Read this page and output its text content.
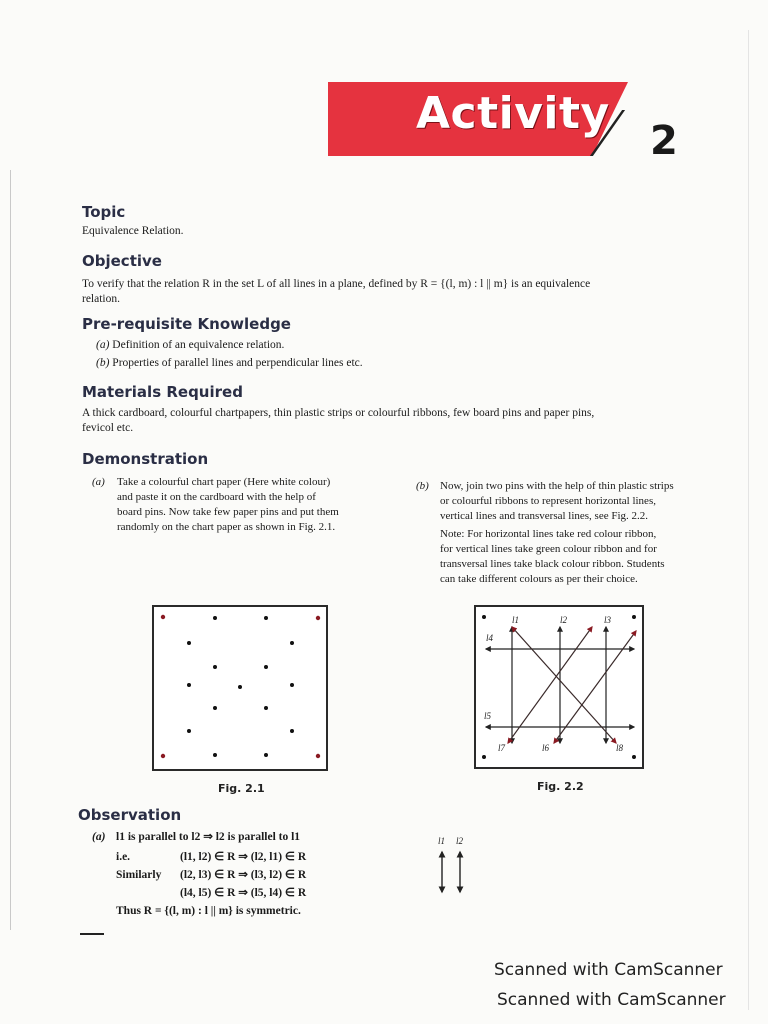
Activity
2
Topic
Equivalence Relation.
Objective
To verify that the relation R in the set L of all lines in a plane, defined by R = {(l, m) : l || m} is an equivalence
relation.
Pre-requisite Knowledge
(a) Definition of an equivalence relation.
(b) Properties of parallel lines and perpendicular lines etc.
Materials Required
A thick cardboard, colourful chartpapers, thin plastic strips or colourful ribbons, few board pins and paper pins,
fevicol etc.
Demonstration
(a) Take a colourful chart paper (Here white colour)
and paste it on the cardboard with the help of
board pins. Now take few paper pins and put them
randomly on the chart paper as shown in Fig. 2.1.
(b) Now, join two pins with the help of thin plastic strips
or colourful ribbons to represent horizontal lines,
vertical lines and transversal lines, see Fig. 2.2.
Note: For horizontal lines take red colour ribbon,
for vertical lines take green colour ribbon and for
transversal lines take black colour ribbon. Students
can take different colours as per their choice.
Fig. 2.1
l1	l2	l3
l4
l5
l6
l7	l8
Fig. 2.2
Observation
(a) l1 is parallel to l2 ⇒ l2 is parallel to l1
i.e.	(l1, l2) ∈ R ⇒ (l2, l1) ∈ R
Similarly (l2, l3) ∈ R ⇒ (l3, l2) ∈ R
(l4, l5) ∈ R ⇒ (l5, l4) ∈ R
Thus R = {(l, m) : l || m} is symmetric.
l1 l2
Scanned with CamScanner
Scanned with CamScanner
